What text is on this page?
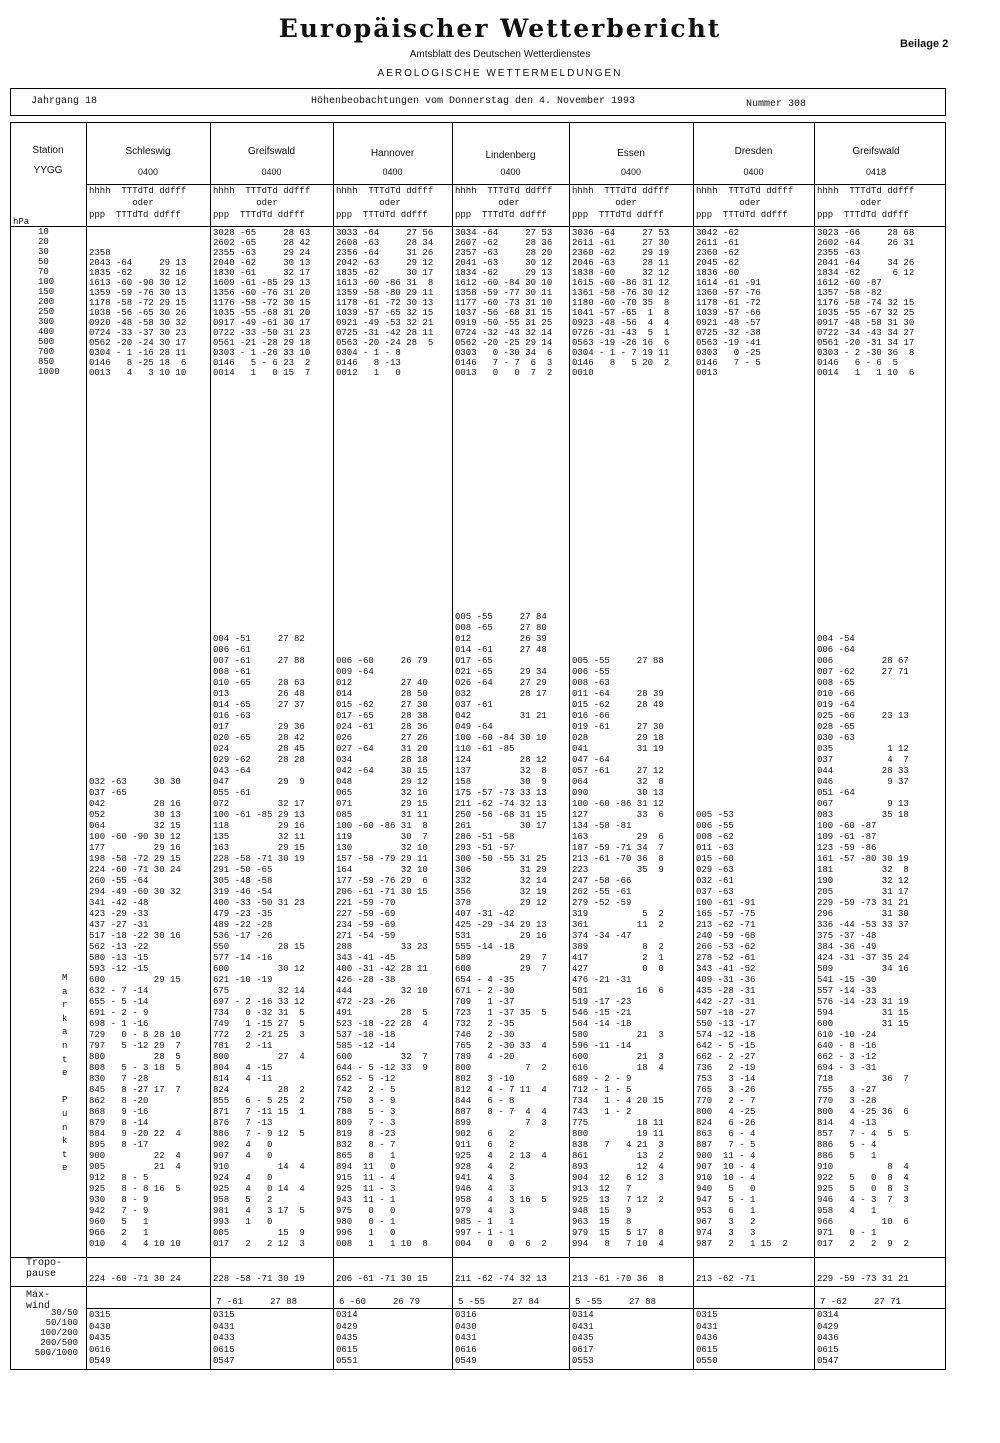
Europäischer Wetterbericht
Amtsblatt des Deutschen Wetterdienstes
AEROLOGISCHE WETTERMELDUNGEN
Beilage 2
Jahrgang 18	Höhenbeobachtungen vom Donnerstag den 4. November 1993	Nummer 308
Station
YYGG
hPa
10
20
30
50
70
100
150
200
250
300
400
500
700
850
1000
M
a
r
k
a
n
t
e

P
u
n
k
t
e
Tropo-
pause
Max-
wind
30/50
50/100
100/200
200/500
500/1000
Schleswig
0400
hhhh  TTTdTd ddfff
oder
ppp  TTTdTd ddfff

2358
2043 -64     29 13
1835 -62     32 16
1613 -60 -90 30 12
1359 -59 -76 30 13
1178 -58 -72 29 15
1038 -56 -65 30 26
0920 -48 -58 30 32
0724 -33 -37 30 23
0562 -20 -24 30 17
0304 - 1 -16 28 11
0146   8 -25 18  6
0013   4   3 10 10
032 -63     30 30
037 -65
042         28 16
052         30 13
064         32 15
100 -60 -90 30 12
177         29 16
198 -58 -72 29 15
224 -60 -71 30 24
260 -55 -64
294 -49 -60 30 32
341 -42 -48
423 -29 -33
437 -27 -31
517 -18 -22 30 16
562 -13 -22
580 -13 -15
593 -12 -15
600         29 15
632 - 7 -14
655 - 5 -14
691 - 2 - 9
698 - 1 -16
729   0 - 8 28 10
797   5 -12 29  7
800         28  5
808   5 - 3 18  5
830   7 -28
845   8 -27 17  7
862   8 -20
868   9 -16
879   8 -14
884   9 -20 22  4
895   8 -17
900         22  4
905         21  4
912   8 - 5
925   8 - 8 16  5
930   8 - 9
942   7 - 9
960   5   1
966   2   1
010   4   4 10 10
224 -60 -71 30 24
0315
0430
0435
0616
0549
Greifswald
0400
hhhh  TTTdTd ddfff
oder
ppp  TTTdTd ddfff
3028 -65     28 63
2602 -65     28 42
2355 -63     29 24
2040 -62     30 13
1830 -61     32 17
1609 -61 -85 29 13
1356 -60 -76 31 20
1176 -58 -72 30 15
1035 -55 -68 31 20
0917 -49 -61 30 17
0722 -33 -50 31 23
0561 -21 -28 29 18
0303 - 1 -26 33 10
0146   5 - 6 23  2
0014   1   0 15  7
004 -51     27 82
006 -61
007 -61     27 88
008 -61
010 -65     28 63
013         26 48
014 -65     27 37
016 -63
017         29 36
020 -65     28 42
024         28 45
029 -62     28 28
043 -64
047         29  9
055 -61
072         32 17
100 -61 -85 29 13
118         29 16
135         32 11
163         29 15
228 -58 -71 30 19
291 -50 -65
305 -48 -58
319 -46 -54
400 -33 -50 31 23
479 -23 -35
489 -22 -28
536 -17 -26
550         28 15
577 -14 -16
600         30 12
621 -10 -19
675         32 14
697 - 2 -16 33 12
734   0 -32 31  5
749   1 -15 27  5
772   2 -21 25  3
781   2 -11
800         27  4
804   4 -15
814   4 -11
824         28  2
855   6 - 5 25  2
871   7 -11 15  1
876   7 -13
886   7 - 9 12  5
902   4   0
907   4   0
910         14  4
924   4   0
925   4   0 14  4
958   5   2
981   4   3 17  5
993   1   0
005         15  9
017   2   2 12  3
228 -58 -71 30 19
7 -61     27 88
0315
0431
0433
0615
0547
Hannover
0400
hhhh  TTTdTd ddfff
oder
ppp  TTTdTd ddfff
3033 -64     27 56
2608 -63     28 34
2356 -64     31 26
2042 -63     29 12
1835 -62     30 17
1613 -60 -86 31  8
1359 -58 -80 29 11
1178 -61 -72 30 13
1039 -57 -65 32 15
0921 -49 -53 32 21
0725 -31 -42 28 11
0563 -20 -24 28  5
0304 - 1 - 8
0146   8 -13
0012   1   0
006 -60     26 79
009 -64
012         27 40
014         28 50
015 -62     27 30
017 -65     28 38
024 -61     28 36
026         27 26
027 -64     31 20
034         28 18
042 -64     30 15
048         29 12
065         32 16
071         29 15
085         31 11
100 -60 -86 31  8
119         30  7
130         32 10
157 -58 -79 29 11
164         32 10
177 -59 -76 29  6
206 -61 -71 30 15
221 -59 -70
227 -59 -69
234 -59 -69
271 -54 -59
288         33 23
343 -41 -45
400 -31 -42 28 11
426 -28 -38
444         32 10
472 -23 -26
491         28  5
523 -18 -22 28  4
537 -18 -18
585 -12 -14
600         32  7
644 - 5 -12 33  9
652 - 5 -12
742   2 - 5
750   3 - 9
788   5 - 3
809   7 - 3
819   8 -23
832   8 - 7
865   8   1
894  11   0
915  11 - 4
925  11 - 3
943  11 - 1
975   0   0
980   0 - 1
996   1   0
008   1   1 10  8
206 -61 -71 30 15
6 -60     26 79
0314
0429
0435
0615
0551
Lindenberg
0400
hhhh  TTTdTd ddfff
oder
ppp  TTTdTd ddfff
3034 -64     27 53
2607 -62     28 36
2357 -63     28 20
2041 -63     30 12
1834 -62     29 13
1612 -60 -84 30 10
1358 -59 -77 30 11
1177 -60 -73 31 10
1037 -56 -68 31 15
0919 -50 -55 31 25
0724 -32 -43 32 14
0562 -20 -25 29 14
0303   0 -30 34  6
0146   7 - 7  6  3
0013   0   0  7  2
005 -55     27 84
008 -65     27 80
012         26 39
014 -61     27 48
017 -65
021 -65     29 34
026 -64     27 29
032         28 17
037 -61
042         31 21
049 -64
100 -60 -84 30 10
110 -61 -85
124         28 12
137         32  8
158         30  9
175 -57 -73 33 13
211 -62 -74 32 13
250 -56 -68 31 15
261         30 17
286 -51 -58
293 -51 -57
300 -50 -55 31 25
306         31 29
332         32 14
356         32 19
378         29 12
407 -31 -42
425 -29 -34 29 13
531         29 16
555 -14 -18
589         29  7
600         29  7
654 - 4 -35
671 - 2 -30
709   1 -37
723   1 -37 35  5
732   2 -35
746   2 -30
765   2 -30 33  4
789   4 -20
800          7  2
802   3 -10
812   4 - 7 11  4
844   6 - 8
887   8 - 7  4  4
899          7  3
902   6   2
911   6   2
925   4   2 13  4
928   4   2
941   4   3
946   4   3
958   4   3 16  5
979   4   3
985 - 1   1
997 - 1 - 1
004   0   0  6  2
211 -62 -74 32 13
5 -55     27 84
0316
0430
0431
0616
0549
Essen
0400
hhhh  TTTdTd ddfff
oder
ppp  TTTdTd ddfff
3036 -64     27 53
2611 -61     27 30
2360 -62     29 19
2046 -63     28 11
1838 -60     32 12
1615 -60 -86 31 12
1361 -58 -76 30 12
1180 -60 -70 35  8
1041 -57 -65  1  8
0923 -48 -56  4  4
0726 -31 -43  5  1
0563 -19 -26 16  6
0304 - 1 - 7 19 11
0146   8   5 20  2
0010
005 -55     27 88
006 -55
008 -63
011 -64     28 39
015 -62     28 49
016 -66
019 -61     27 30
028         29 18
041         31 19
047 -64
057 -61     27 12
064         32  8
090         30 13
100 -60 -86 31 12
127         33  6
134 -58 -81
163         29  6
187 -59 -71 34  7
213 -61 -70 36  8
223         35  9
247 -58 -66
262 -55 -61
279 -52 -59
319          5  2
361         11  2
374 -34 -47
389          8  2
417          2  1
427          0  0
476 -21 -31
501         16  6
519 -17 -23
546 -15 -21
564 -14 -18
580         21  3
596 -11 -14
600         21  3
616         18  4
689 - 2 - 9
712 - 1 - 5
734   1 - 4 20 15
743   1 - 2
775         18 11
800         19 11
838   7   4 21  3
861         13  2
893         12  4
904  12   6 12  3
913  12   7
925  13   7 12  2
948  15   9
963  15   8
979  15   5 17  8
994   8   7 10  4
213 -61 -70 36  8
5 -55     27 88
0314
0431
0435
0617
0553
Dresden
0400
hhhh  TTTdTd ddfff
oder
ppp  TTTdTd ddfff
3042 -62
2611 -61
2360 -62
2045 -62
1836 -60
1614 -61 -91
1360 -57 -76
1178 -61 -72
1039 -57 -66
0921 -48 -57
0725 -32 -38
0563 -19 -41
0303   0 -25
0146   7 - 5
0013
005 -53
006 -55
008 -62
011 -63
015 -60
029 -63
032 -61
037 -63
100 -61 -91
165 -57 -75
213 -62 -71
240 -59 -68
266 -53 -62
278 -52 -61
343 -41 -52
409 -31 -36
435 -28 -31
442 -27 -31
507 -18 -27
550 -13 -17
574 -12 -18
642 - 5 -15
662 - 2 -27
736   2 -19
753   3 -14
765   3 -26
770   2 - 7
800   4 -25
824   6 -26
863   6 - 4
887   7 - 5
900  11 - 4
907  10 - 4
910  10 - 4
940   5   0
947   5 - 1
953   6   1
967   3   2
974   3   3
987   2   1 15  2
213 -62 -71
0315
0431
0436
0615
0550
Greifswald
0418
hhhh  TTTdTd ddfff
oder
ppp  TTTdTd ddfff
3023 -66     28 68
2602 -64     26 31
2355 -63
2041 -64     34 26
1834 -62      6 12
1612 -60 -87
1357 -58 -82
1176 -58 -74 32 15
1035 -55 -67 32 25
0917 -48 -58 31 30
0722 -34 -43 34 27
0561 -20 -31 34 17
0303 - 2 -30 36  8
0146   6 - 6  5
0014   1   1 10  6
004 -54
006 -64
006         28 67
007 -62     27 71
008 -65
010 -66
019 -64
025 -66     23 13
028 -65
030 -63
035          1 12
037          4  7
044         28 33
046          9 37
051 -64
067          9 13
083         35 18
100 -60 -87
109 -61 -87
123 -59 -86
161 -57 -80 30 19
181         32  8
190         32 12
205         31 17
229 -59 -73 31 21
296         31 30
336 -44 -53 33 37
375 -37 -48
384 -36 -49
424 -31 -37 35 24
509         34 16
541 -15 -30
557 -14 -33
576 -14 -23 31 19
594         31 15
600         31 15
610 -10 -24
640 - 8 -16
662 - 3 -12
694 - 3 -31
718         36  7
755   3 -27
770   3 -28
800   4 -25 36  6
814   4 -13
857   7 - 4  5  5
886   5 - 4
886   5   1
910          8  4
922   5   0  8  4
925   5   0  8  3
946   4 - 3  7  3
958   4   1
966         10  6
971   0 - 1
017   2   2  9  2
229 -59 -73 31 21
7 -62     27 71
0314
0429
0436
0615
0547
